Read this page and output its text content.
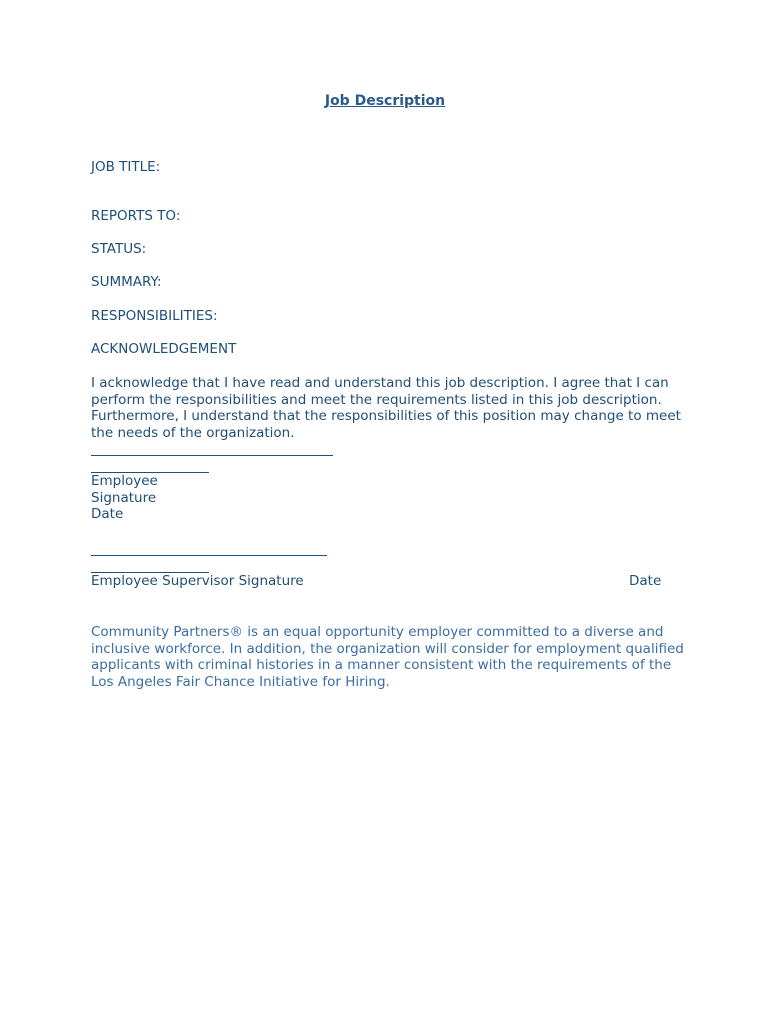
Job Description
JOB TITLE:
REPORTS TO:
STATUS:
SUMMARY:
RESPONSIBILITIES:
ACKNOWLEDGEMENT
I acknowledge that I have read and understand this job description. I agree that I can perform the responsibilities and meet the requirements listed in this job description. Furthermore, I understand that the responsibilities of this position may change to meet the needs of the organization.
Employee
Signature
Date
Employee Supervisor Signature	Date
Community Partners® is an equal opportunity employer committed to a diverse and inclusive workforce. In addition, the organization will consider for employment qualified applicants with criminal histories in a manner consistent with the requirements of the Los Angeles Fair Chance Initiative for Hiring.
